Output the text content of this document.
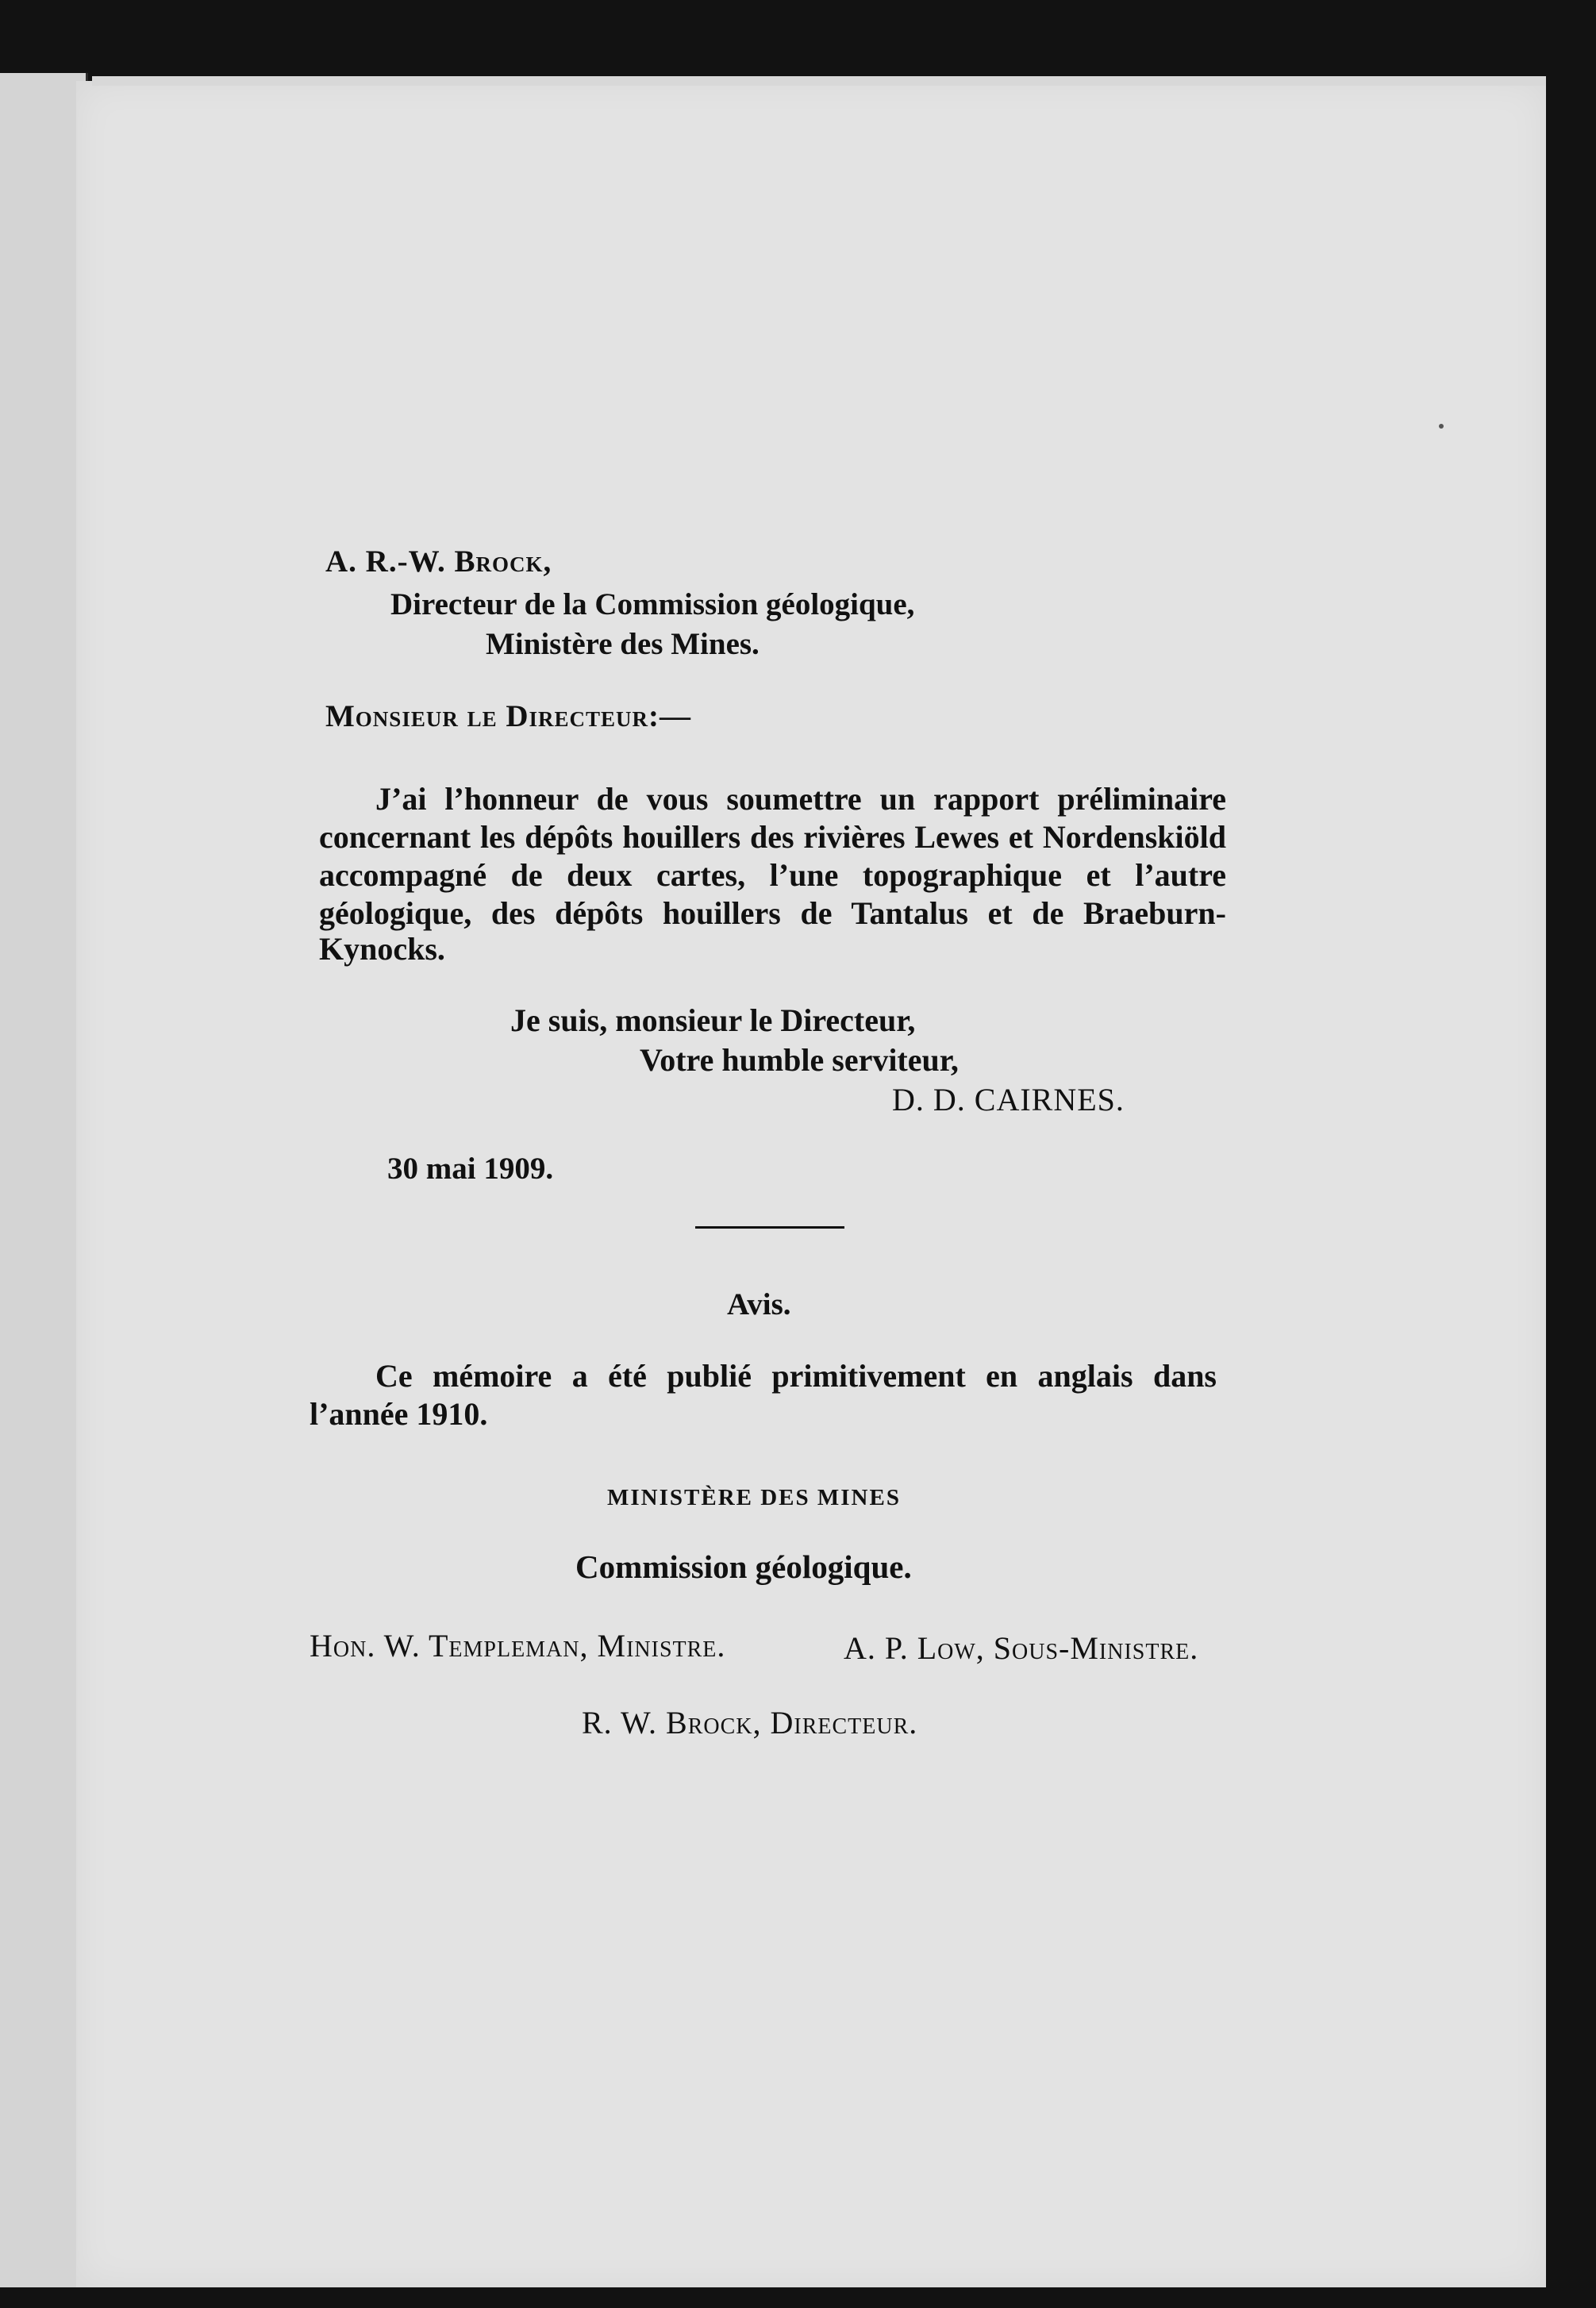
A. R.-W. Brock,
Directeur de la Commission géologique,
Ministère des Mines.
Monsieur le Directeur:—
J’ai l’honneur de vous soumettre un rapport préliminaire
concernant les dépôts houillers des rivières Lewes et Nordenskiöld
accompagné de deux cartes, l’une topographique et l’autre
géologique, des dépôts houillers de Tantalus et de Braeburn-
Kynocks.
Je suis, monsieur le Directeur,
Votre humble serviteur,
D. D. CAIRNES.
30 mai 1909.
Avis.
Ce mémoire a été publié primitivement en anglais dans
l’année 1910.
MINISTÈRE DES MINES
Commission géologique.
Hon. W. Templeman, Ministre.	A. P. Low, Sous-Ministre.
R. W. Brock, Directeur.
